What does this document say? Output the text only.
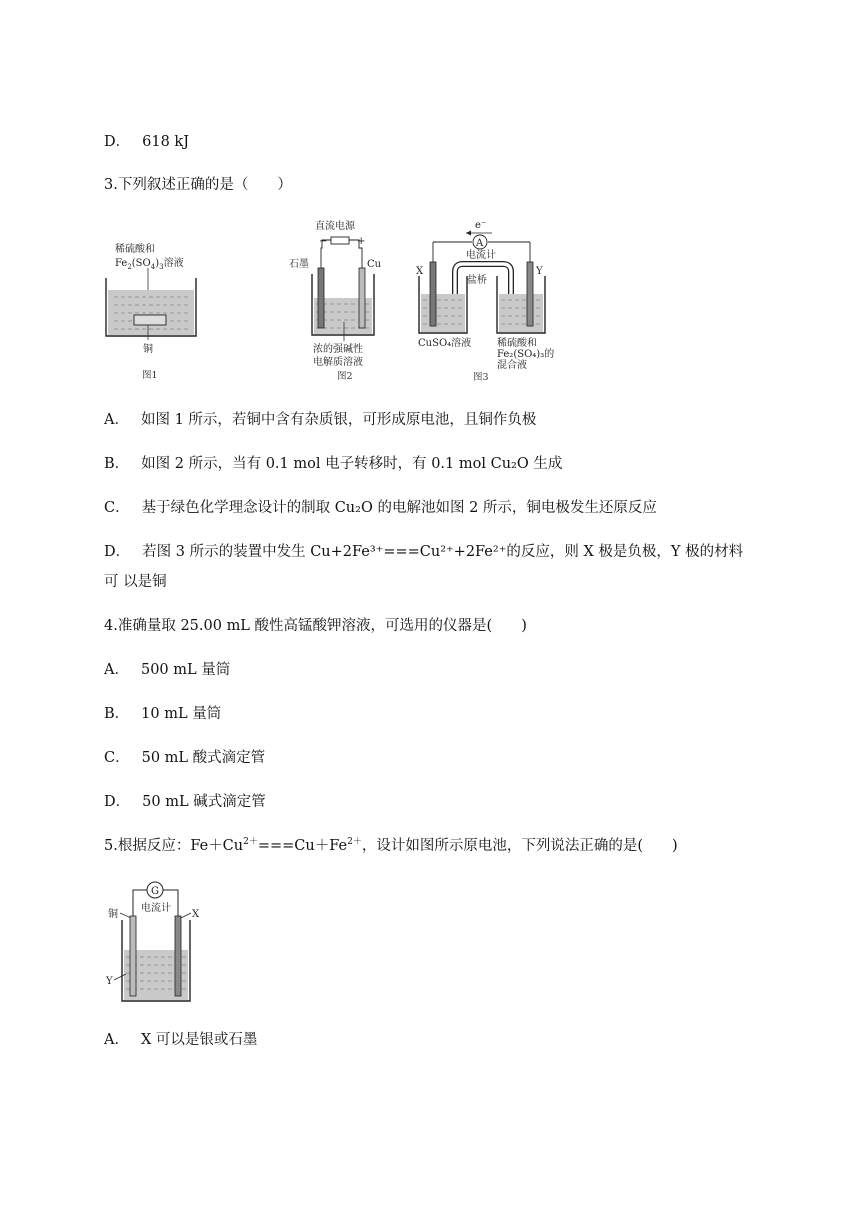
D． 618 kJ
3.下列叙述正确的是（　　）
稀硫酸和
$Fe_2(SO_4)_3$溶液
铜
图1
直流电源
−	+
石墨	Cu
浓的强碱性
电解质溶液
图2
e⁻
A
电流计
X	Y
盐桥
CuSO₄溶液	稀硫酸和
Fe₂(SO₄)₃的
混合液
图3
A． 如图 1 所示，若铜中含有杂质银，可形成原电池，且铜作负极
B． 如图 2 所示，当有 0.1 mol 电子转移时，有 0.1 mol Cu₂O 生成
C． 基于绿色化学理念设计的制取 Cu₂O 的电解池如图 2 所示，铜电极发生还原反应
D． 若图 3 所示的装置中发生 Cu+2Fe³⁺===Cu²⁺+2Fe²⁺的反应，则 X 极是负极，Y 极的材料可 以是铜
4.准确量取 25.00 mL 酸性高锰酸钾溶液，可选用的仪器是(　　)
A． 500 mL 量筒
B． 10 mL 量筒
C． 50 mL 酸式滴定管
D． 50 mL 碱式滴定管
5.根据反应：$Fe+Cu^{2+}===Cu+Fe^{2+}$，设计如图所示原电池，下列说法正确的是(　　)
G
电流计
铜	X
Y
A． X 可以是银或石墨
